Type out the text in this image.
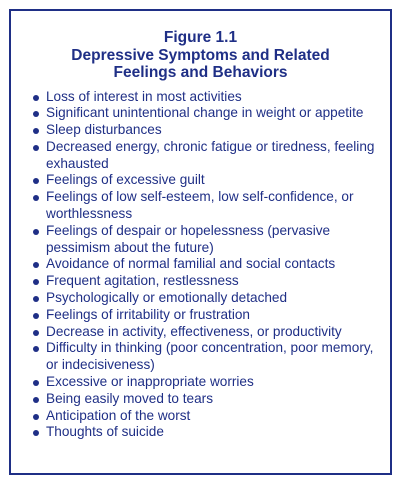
Figure 1.1
Depressive Symptoms and Related
Feelings and Behaviors
Loss of interest in most activities
Significant unintentional change in weight or appetite
Sleep disturbances
Decreased energy, chronic fatigue or tiredness, feeling exhausted
Feelings of excessive guilt
Feelings of low self-esteem, low self-confidence, or worthlessness
Feelings of despair or hopelessness (pervasive pessimism about the future)
Avoidance of normal familial and social contacts
Frequent agitation, restlessness
Psychologically or emotionally detached
Feelings of irritability or frustration
Decrease in activity, effectiveness, or productivity
Difficulty in thinking (poor concentration, poor memory, or indecisiveness)
Excessive or inappropriate worries
Being easily moved to tears
Anticipation of the worst
Thoughts of suicide
